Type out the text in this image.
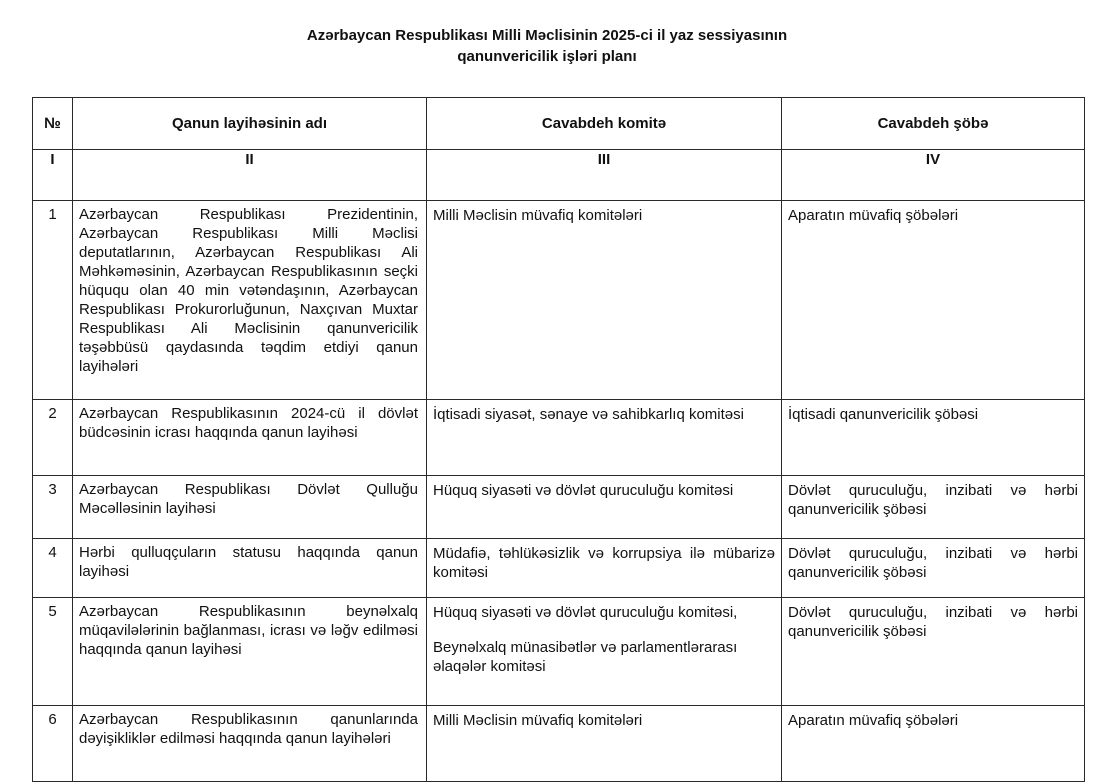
Azərbaycan Respublikası Milli Məclisinin 2025-ci il yaz sessiyasının
qanunvericilik işləri planı
№	Qanun layihəsinin adı	Cavabdeh komitə	Cavabdeh şöbə
I	II	III	IV
1	Azərbaycan Respublikası Prezidentinin, Azərbaycan Respublikası Milli Məclisi deputatlarının, Azərbaycan Respublikası Ali Məhkəməsinin, Azərbaycan Respublikasının seçki hüququ olan 40 min vətəndaşının, Azərbaycan Respublikası Prokurorluğunun, Naxçıvan Muxtar Respublikası Ali Məclisinin qanunvericilik təşəbbüsü qaydasında təqdim etdiyi qanun layihələri	Milli Məclisin müvafiq komitələri	Aparatın müvafiq şöbələri
2	Azərbaycan Respublikasının 2024-cü il dövlət büdcəsinin icrası haqqında qanun layihəsi	İqtisadi siyasət, sənaye və sahibkarlıq komitəsi	İqtisadi qanunvericilik şöbəsi
3	Azərbaycan Respublikası Dövlət Qulluğu Məcəlləsinin layihəsi	Hüquq siyasəti və dövlət quruculuğu komitəsi	Dövlət quruculuğu, inzibati və hərbi qanunvericilik şöbəsi
4	Hərbi qulluqçuların statusu haqqında qanun layihəsi	Müdafiə, təhlükəsizlik və korrupsiya ilə mübarizə komitəsi	Dövlət quruculuğu, inzibati və hərbi qanunvericilik şöbəsi
5	Azərbaycan Respublikasının beynəlxalq müqavilələrinin bağlanması, icrası və ləğv edilməsi haqqında qanun layihəsi	Hüquq siyasəti və dövlət quruculuğu komitəsi,
Beynəlxalq münasibətlər və parlamentlərarası əlaqələr komitəsi	Dövlət quruculuğu, inzibati və hərbi qanunvericilik şöbəsi
6	Azərbaycan Respublikasının qanunlarında dəyişikliklər edilməsi haqqında qanun layihələri	Milli Məclisin müvafiq komitələri	Aparatın müvafiq şöbələri
